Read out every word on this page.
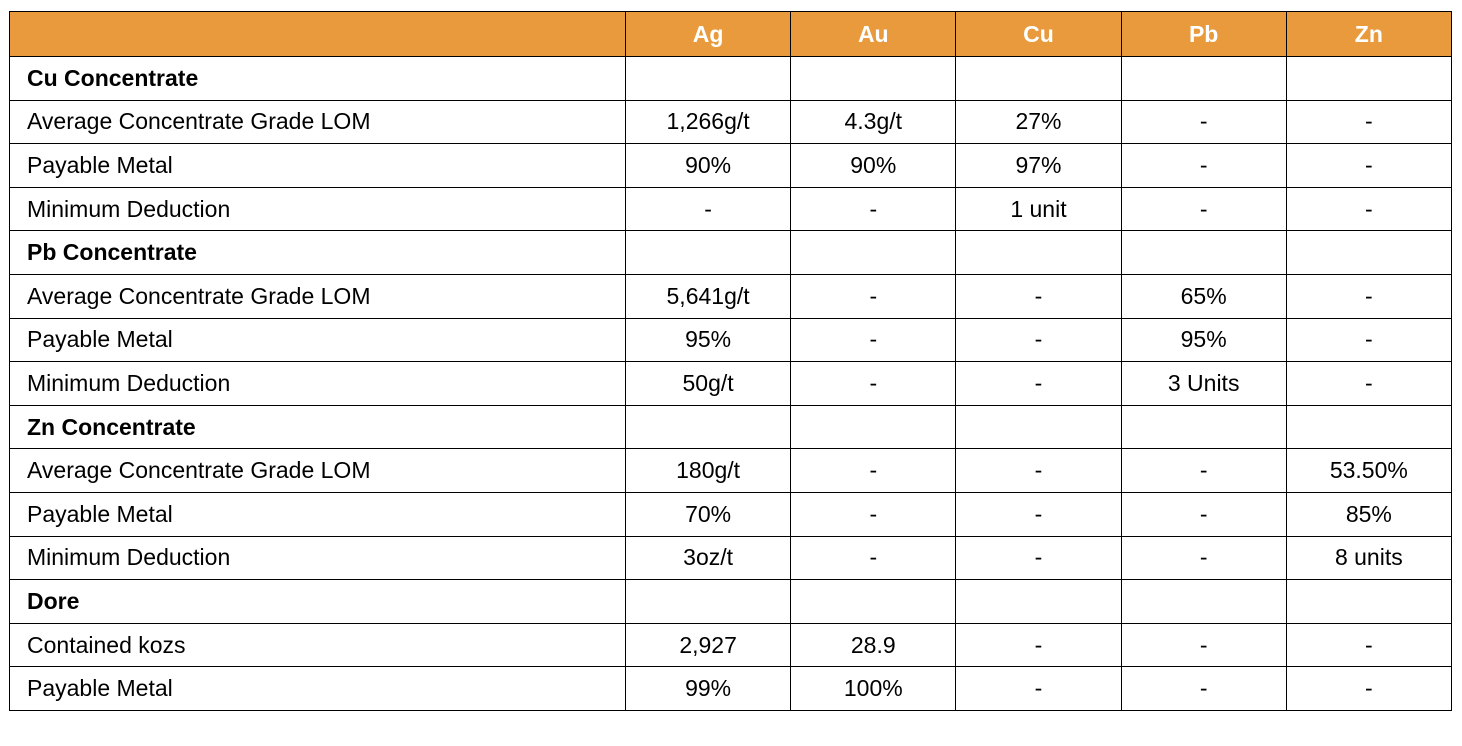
	Ag	Au	Cu	Pb	Zn
Cu Concentrate					
Average Concentrate Grade LOM	1,266g/t	4.3g/t	27%	-	-
Payable Metal	90%	90%	97%	-	-
Minimum Deduction	-	-	1 unit	-	-
Pb Concentrate					
Average Concentrate Grade LOM	5,641g/t	-	-	65%	-
Payable Metal	95%	-	-	95%	-
Minimum Deduction	50g/t	-	-	3 Units	-
Zn Concentrate					
Average Concentrate Grade LOM	180g/t	-	-	-	53.50%
Payable Metal	70%	-	-	-	85%
Minimum Deduction	3oz/t	-	-	-	8 units
Dore					
Contained kozs	2,927	28.9	-	-	-
Payable Metal	99%	100%	-	-	-
